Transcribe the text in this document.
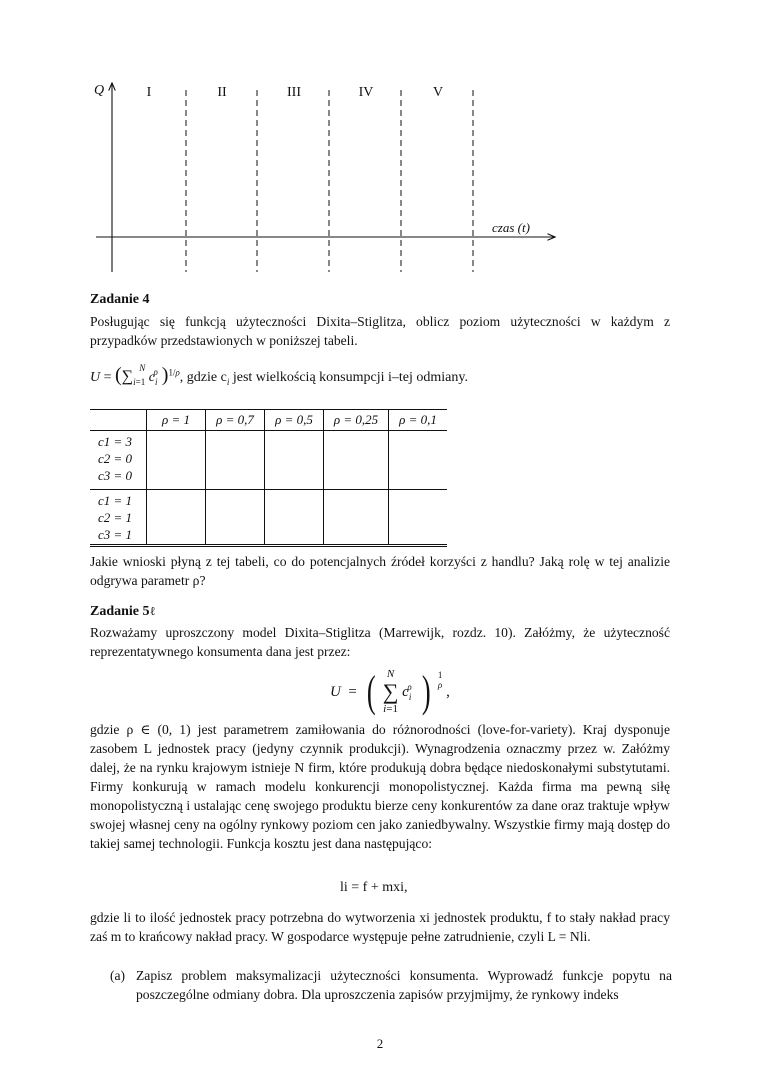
Q	I	II	III	IV	V
czas (t)
Zadanie 4
Posługując się funkcją użyteczności Dixita–Stiglitza, oblicz poziom użyteczności w każdym z przypadków przedstawionych w poniższej tabeli.
$U = (\sum_{i=1}^N$ $c_i^\rho$ )$^{1/\rho}$, gdzie $c_i$ jest wielkością konsumpcji i–tej odmiany.
	ρ = 1	ρ = 0,7	ρ = 0,5	ρ = 0,25	ρ = 0,1

c1 = 3
c2 = 0
c3 = 0					

c1 = 1
c2 = 1
c3 = 1					

Jakie wnioski płyną z tej tabeli, co do potencjalnych źródeł korzyści z handlu? Jaką rolę w tej analizie odgrywa parametr ρ?
Zadanie 5ℓ
Rozważamy uproszczony model Dixita–Stiglitza (Marrewijk, rozdz. 10). Załóżmy, że użyteczność reprezentatywnego konsumenta dana jest przez:
U  =  ( N
∑
i=1 $c_i^\rho$ ) 1
ρ ,
gdzie ρ ∈ (0, 1) jest parametrem zamiłowania do różnorodności (love-for-variety). Kraj dysponuje zasobem L jednostek pracy (jedyny czynnik produkcji). Wynagrodzenia oznaczmy przez w. Załóżmy dalej, że na rynku krajowym istnieje N firm, które produkują dobra będące niedoskonałymi substytutami. Firmy konkurują w ramach modelu konkurencji monopolistycznej. Każda firma ma pewną siłę monopolistyczną i ustalając cenę swojego produktu bierze ceny konkurentów za dane oraz traktuje wpływ swojej własnej ceny na ogólny rynkowy poziom cen jako zaniedbywalny. Wszystkie firmy mają dostęp do takiej samej technologii. Funkcja kosztu jest dana następująco:
li = f + mxi,
gdzie li to ilość jednostek pracy potrzebna do wytworzenia xi jednostek produktu, f to stały nakład pracy zaś m to krańcowy nakład pracy. W gospodarce występuje pełne zatrudnienie, czyli L = Nli.
(a) Zapisz problem maksymalizacji użyteczności konsumenta. Wyprowadź funkcje popytu na poszczególne odmiany dobra. Dla uproszczenia zapisów przyjmijmy, że rynkowy indeks
2
